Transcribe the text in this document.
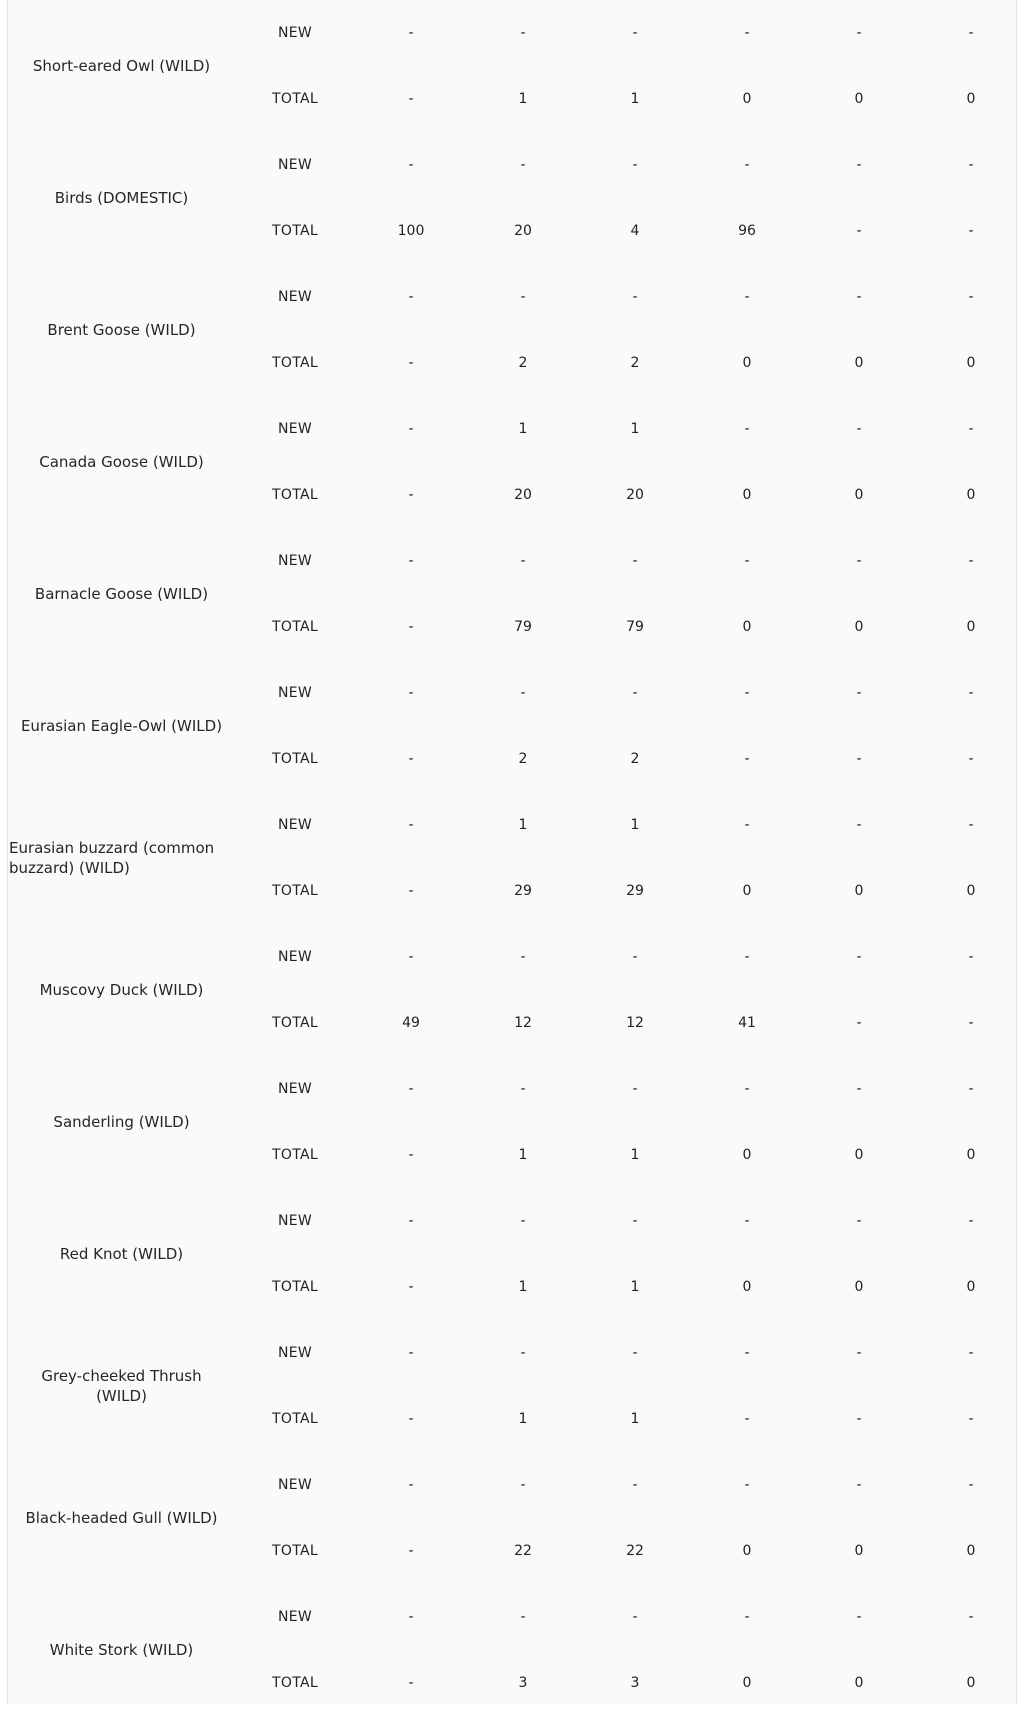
Short-eared Owl (WILD)	NEW	-	-	-	-	-	-
	TOTAL	-	1	1	0	0	0
Birds (DOMESTIC)	NEW	-	-	-	-	-	-
	TOTAL	100	20	4	96	-	-
Brent Goose (WILD)	NEW	-	-	-	-	-	-
	TOTAL	-	2	2	0	0	0
Canada Goose (WILD)	NEW	-	1	1	-	-	-
	TOTAL	-	20	20	0	0	0
Barnacle Goose (WILD)	NEW	-	-	-	-	-	-
	TOTAL	-	79	79	0	0	0
Eurasian Eagle-Owl (WILD)	NEW	-	-	-	-	-	-
	TOTAL	-	2	2	-	-	-
Eurasian buzzard (common buzzard) (WILD)	NEW	-	1	1	-	-	-
	TOTAL	-	29	29	0	0	0
Muscovy Duck (WILD)	NEW	-	-	-	-	-	-
	TOTAL	49	12	12	41	-	-
Sanderling (WILD)	NEW	-	-	-	-	-	-
	TOTAL	-	1	1	0	0	0
Red Knot (WILD)	NEW	-	-	-	-	-	-
	TOTAL	-	1	1	0	0	0
Grey-cheeked Thrush (WILD)	NEW	-	-	-	-	-	-
	TOTAL	-	1	1	-	-	-
Black-headed Gull (WILD)	NEW	-	-	-	-	-	-
	TOTAL	-	22	22	0	0	0
White Stork (WILD)	NEW	-	-	-	-	-	-
	TOTAL	-	3	3	0	0	0
